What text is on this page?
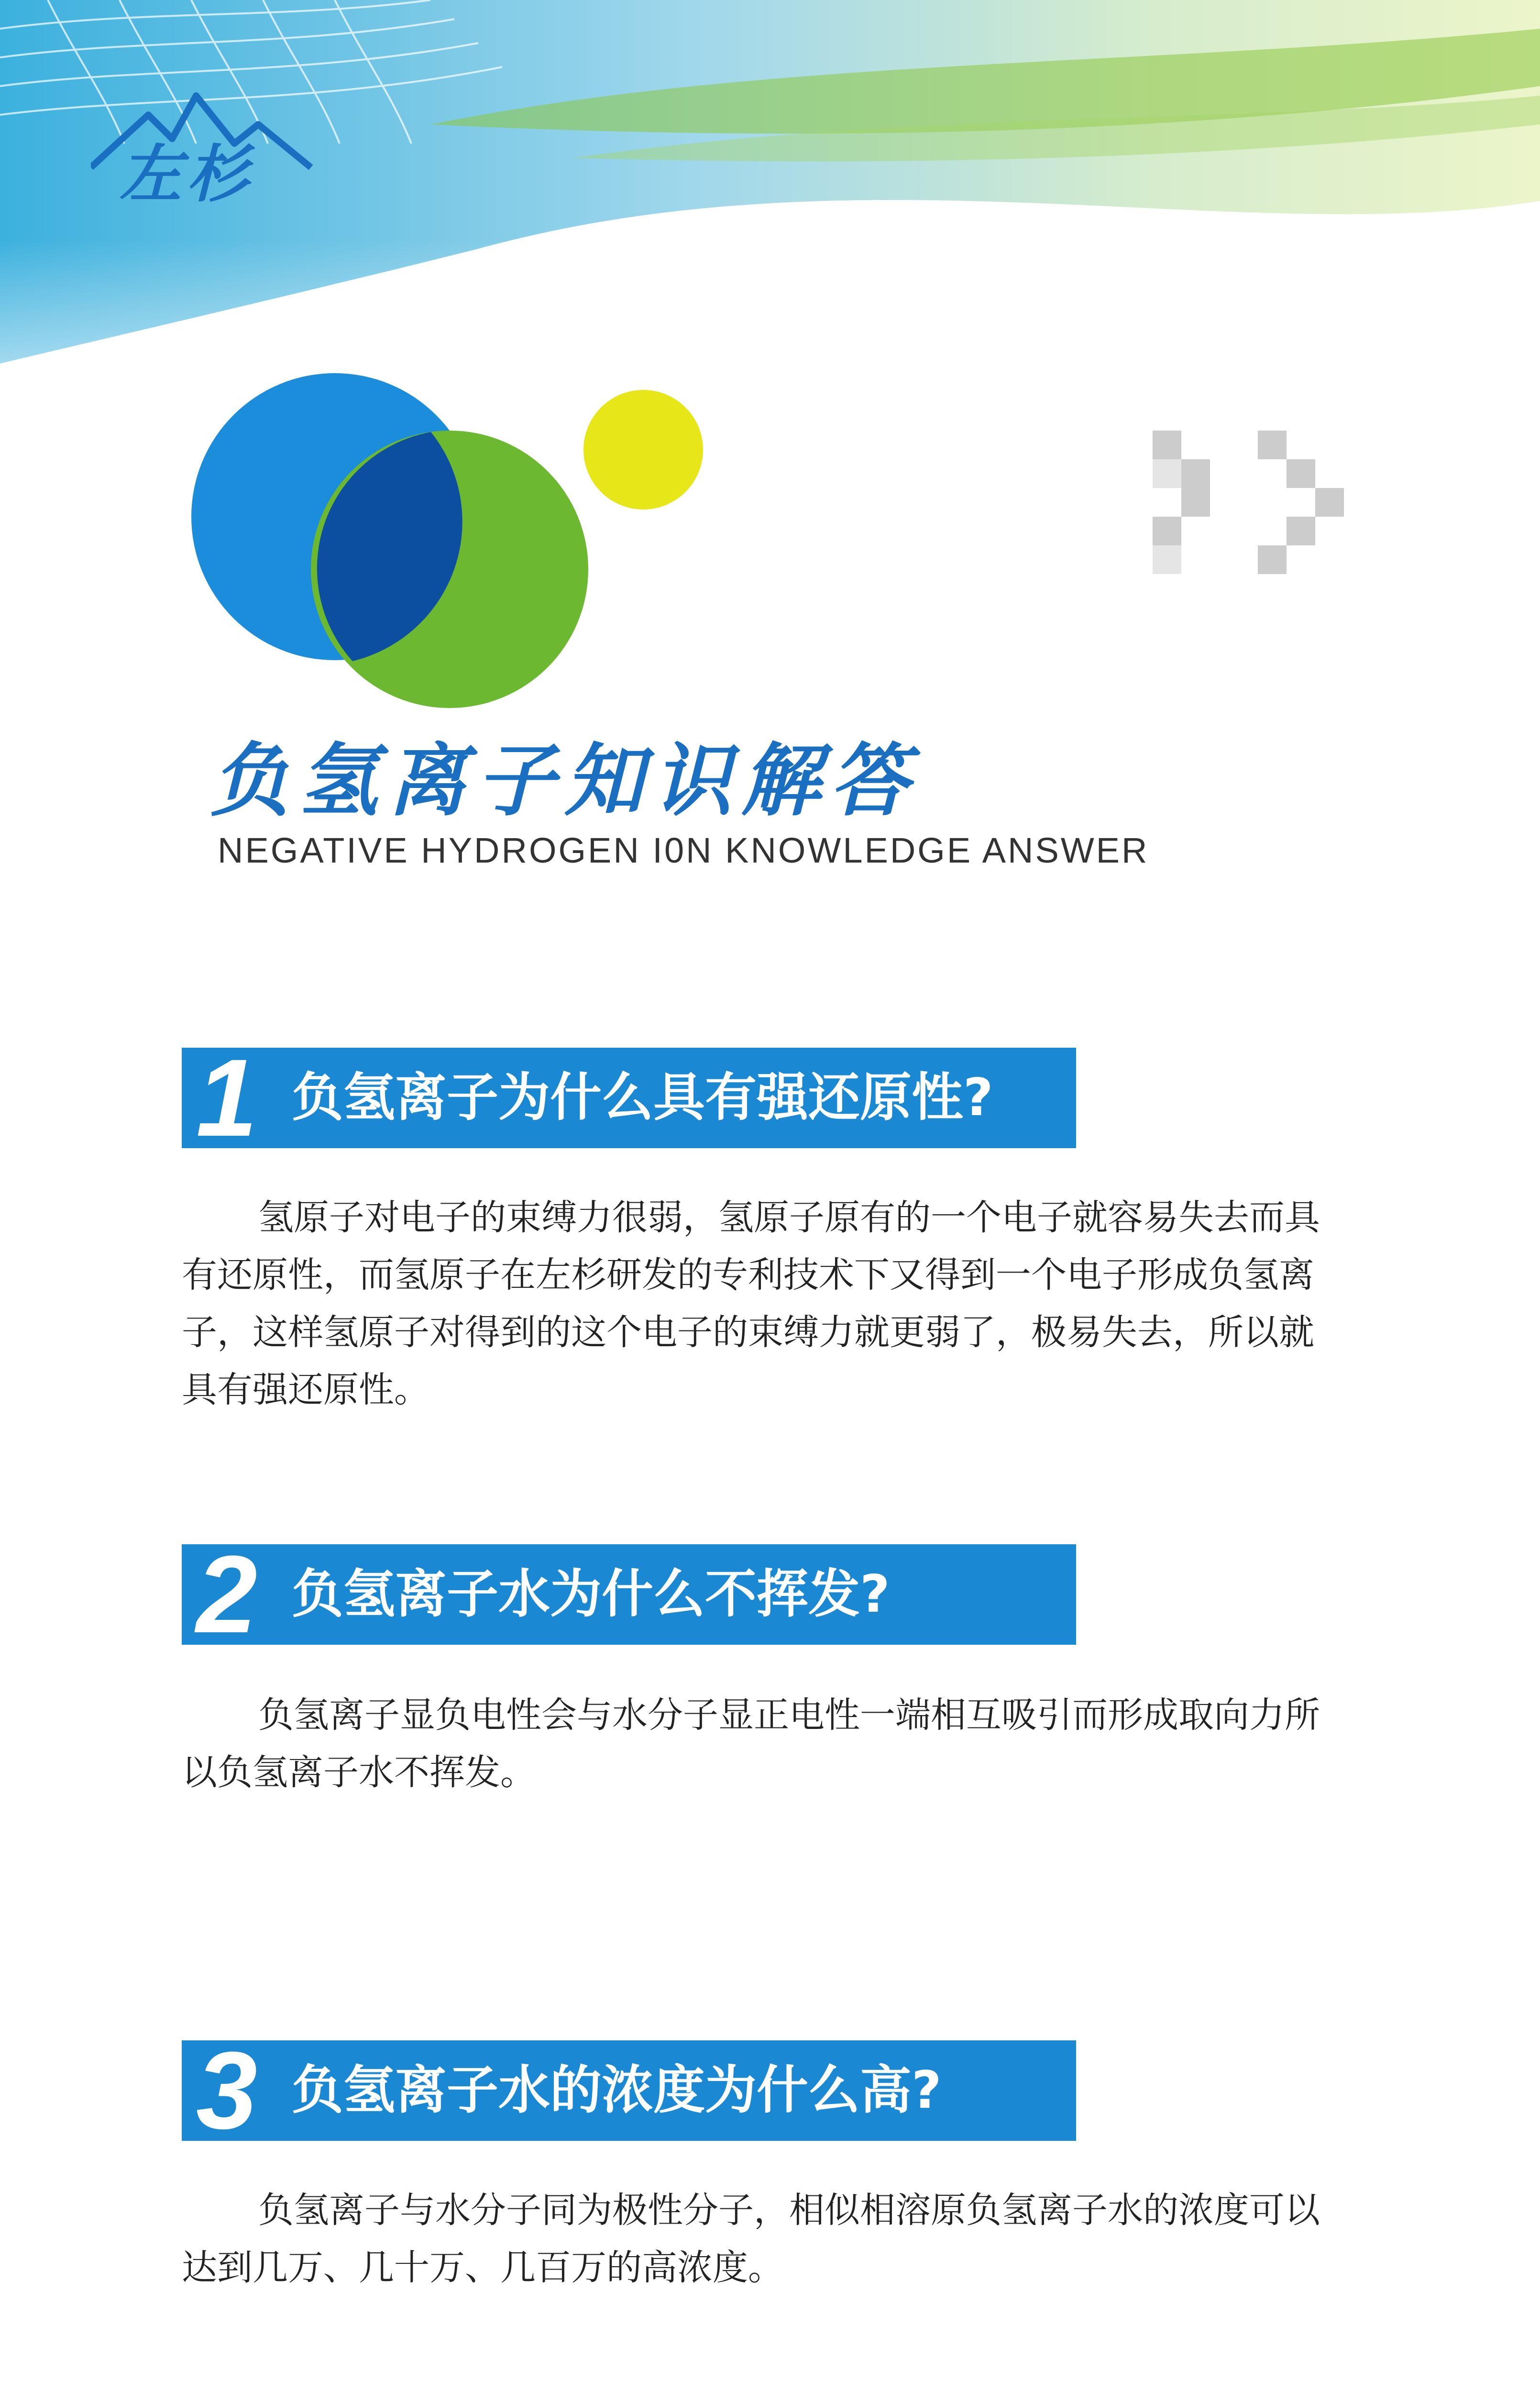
左杉
负氢离子知识解答
NEGATIVE HYDROGEN I0N KNOWLEDGE ANSWER
1 负氢离子为什么具有强还原性?
氢原子对电子的束缚力很弱，氢原子原有的一个电子就容易失去而具有还原性，而氢原子在左杉研发的专利技术下又得到一个电子形成负氢离子，这样氢原子对得到的这个电子的束缚力就更弱了，极易失去，所以就具有强还原性。
2 负氢离子水为什么不挥发?
负氢离子显负电性会与水分子显正电性一端相互吸引而形成取向力所以负氢离子水不挥发。
3 负氢离子水的浓度为什么高?
负氢离子与水分子同为极性分子，相似相溶原负氢离子水的浓度可以达到几万、几十万、几百万的高浓度。
